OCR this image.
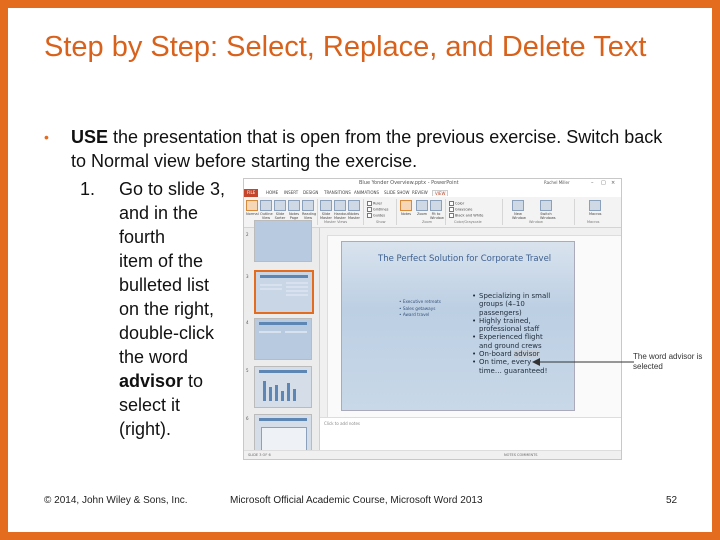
Step by Step: Select, Replace, and Delete Text
• USE the presentation that is open from the previous exercise. Switch back to Normal view before starting the exercise.
1.	Go to slide 3,
and in the
fourth
item of the
bulleted list
on the right,
double-click
the word
advisor to
select it
(right).
Blue Yonder Overview.pptx - PowerPoint	Rachel Miller	– □ ×
FILE	HOME INSERT DESIGN TRANSITIONS ANIMATIONS SLIDE SHOW REVIEW	VIEW
Normal Outline View
Slide Sorter
Notes Page
Reading View
Slide Master
Handout Master
Notes Master
Ruler
Gridlines
Guides	Notes Zoom	Fit to Window
Color
Grayscale
Black and White	New Window
Switch Windows
Macros
Master Views	Show	Zoom	Color/Grayscale	Window	Macros
2
3
4
5
6
The Perfect Solution for Corporate Travel
• Executive retreats
• Sales getaways
• Award travel
• Specializing in small groups (4–10 passengers)
• Highly trained, professional staff
• Experienced flight and ground crews
• On-board advisor
• On time, every time… guaranteed!
Click to add notes
SLIDE 3 OF 6	NOTES COMMENTS
The word advisor is selected
© 2014, John Wiley & Sons, Inc.	Microsoft Official Academic Course, Microsoft Word 2013	52
